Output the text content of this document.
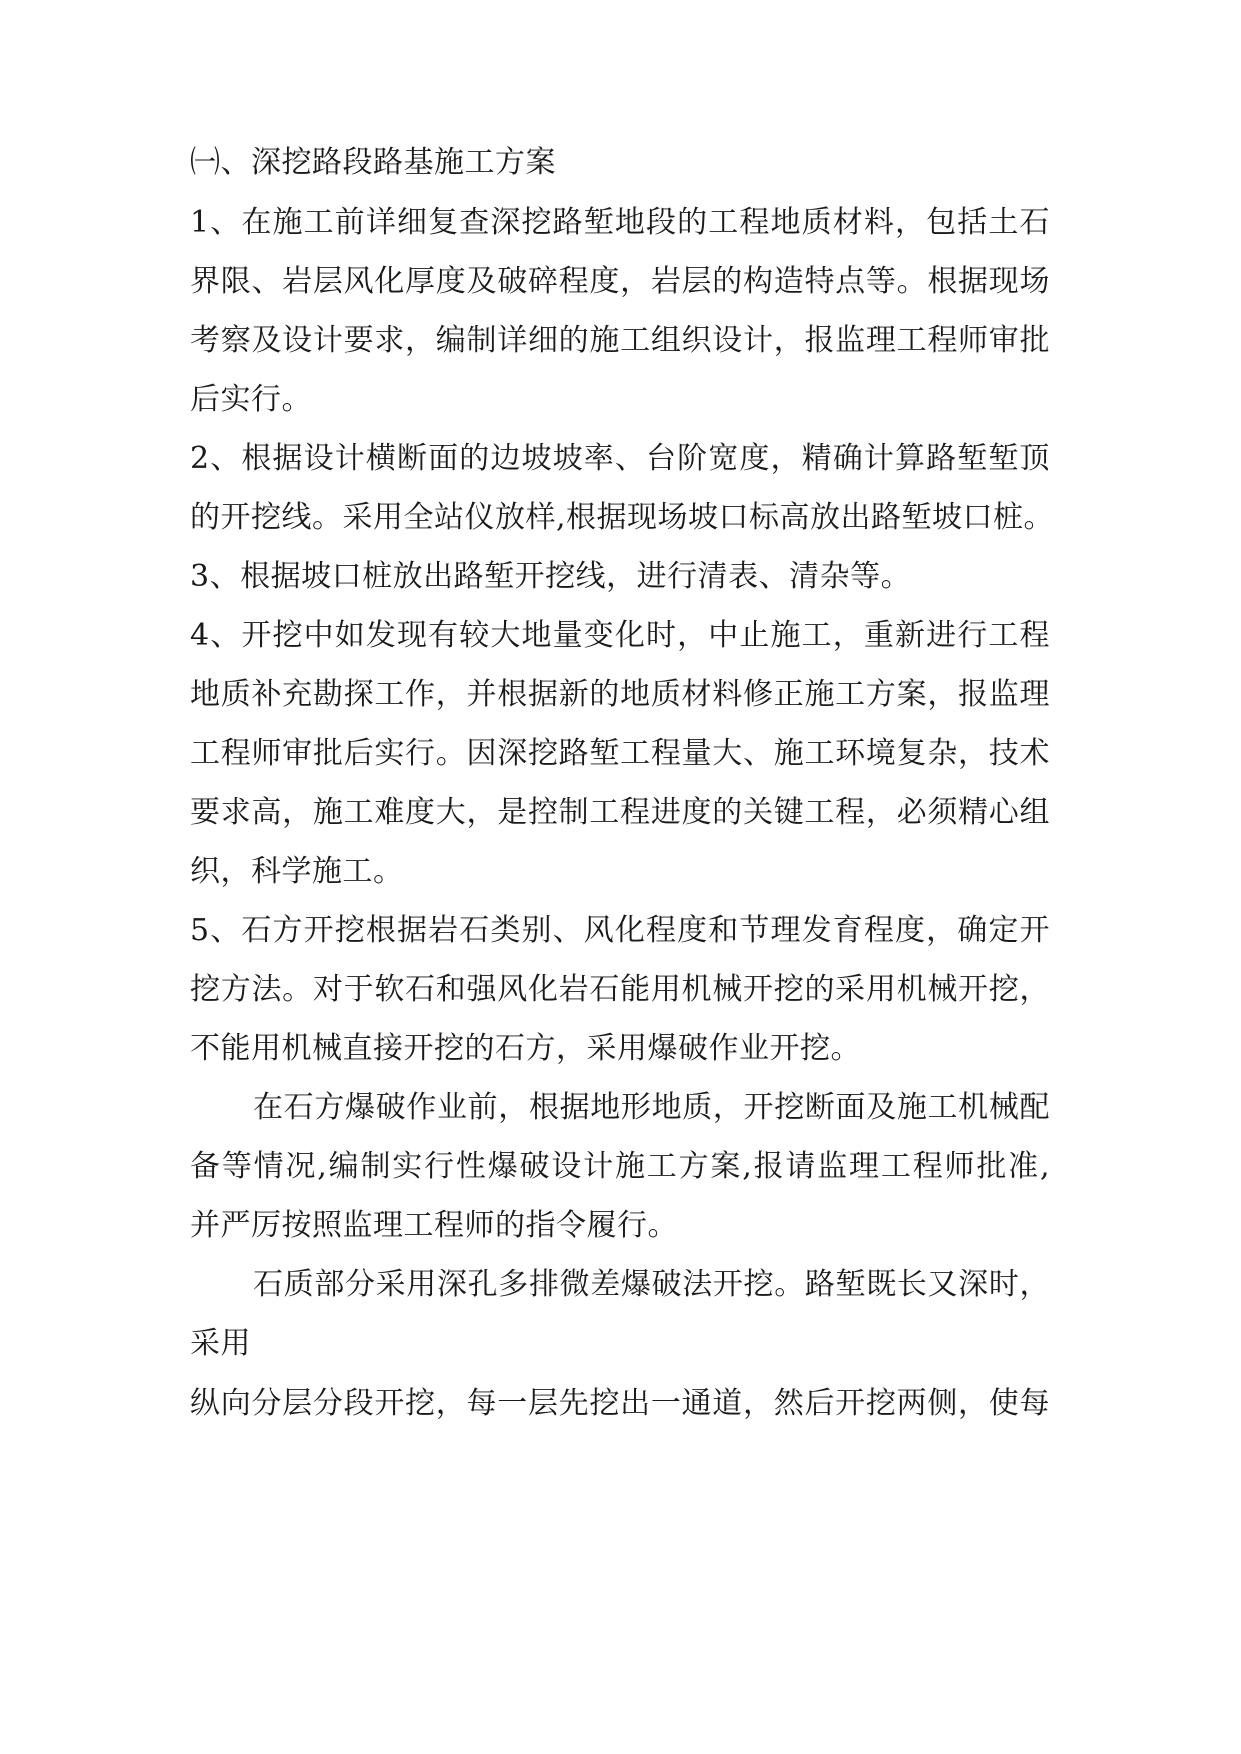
㈠、深挖路段路基施工方案
1、在施工前详细复查深挖路堑地段的工程地质材料，包括土石
界限、岩层风化厚度及破碎程度，岩层的构造特点等。根据现场
考察及设计要求，编制详细的施工组织设计，报监理工程师审批
后实行。
2、根据设计横断面的边坡坡率、台阶宽度，精确计算路堑堑顶
的开挖线。采用全站仪放样,根据现场坡口标高放出路堑坡口桩。
3、根据坡口桩放出路堑开挖线，进行清表、清杂等。
4、开挖中如发现有较大地量变化时，中止施工，重新进行工程
地质补充勘探工作，并根据新的地质材料修正施工方案，报监理
工程师审批后实行。因深挖路堑工程量大、施工环境复杂，技术
要求高，施工难度大，是控制工程进度的关键工程，必须精心组
织，科学施工。
5、石方开挖根据岩石类别、风化程度和节理发育程度，确定开
挖方法。对于软石和强风化岩石能用机械开挖的采用机械开挖，
不能用机械直接开挖的石方，采用爆破作业开挖。
在石方爆破作业前，根据地形地质，开挖断面及施工机械配
备等情况,编制实行性爆破设计施工方案,报请监理工程师批准,
并严厉按照监理工程师的指令履行。
石质部分采用深孔多排微差爆破法开挖。路堑既长又深时，
采用
纵向分层分段开挖，每一层先挖出一通道，然后开挖两侧，使每
